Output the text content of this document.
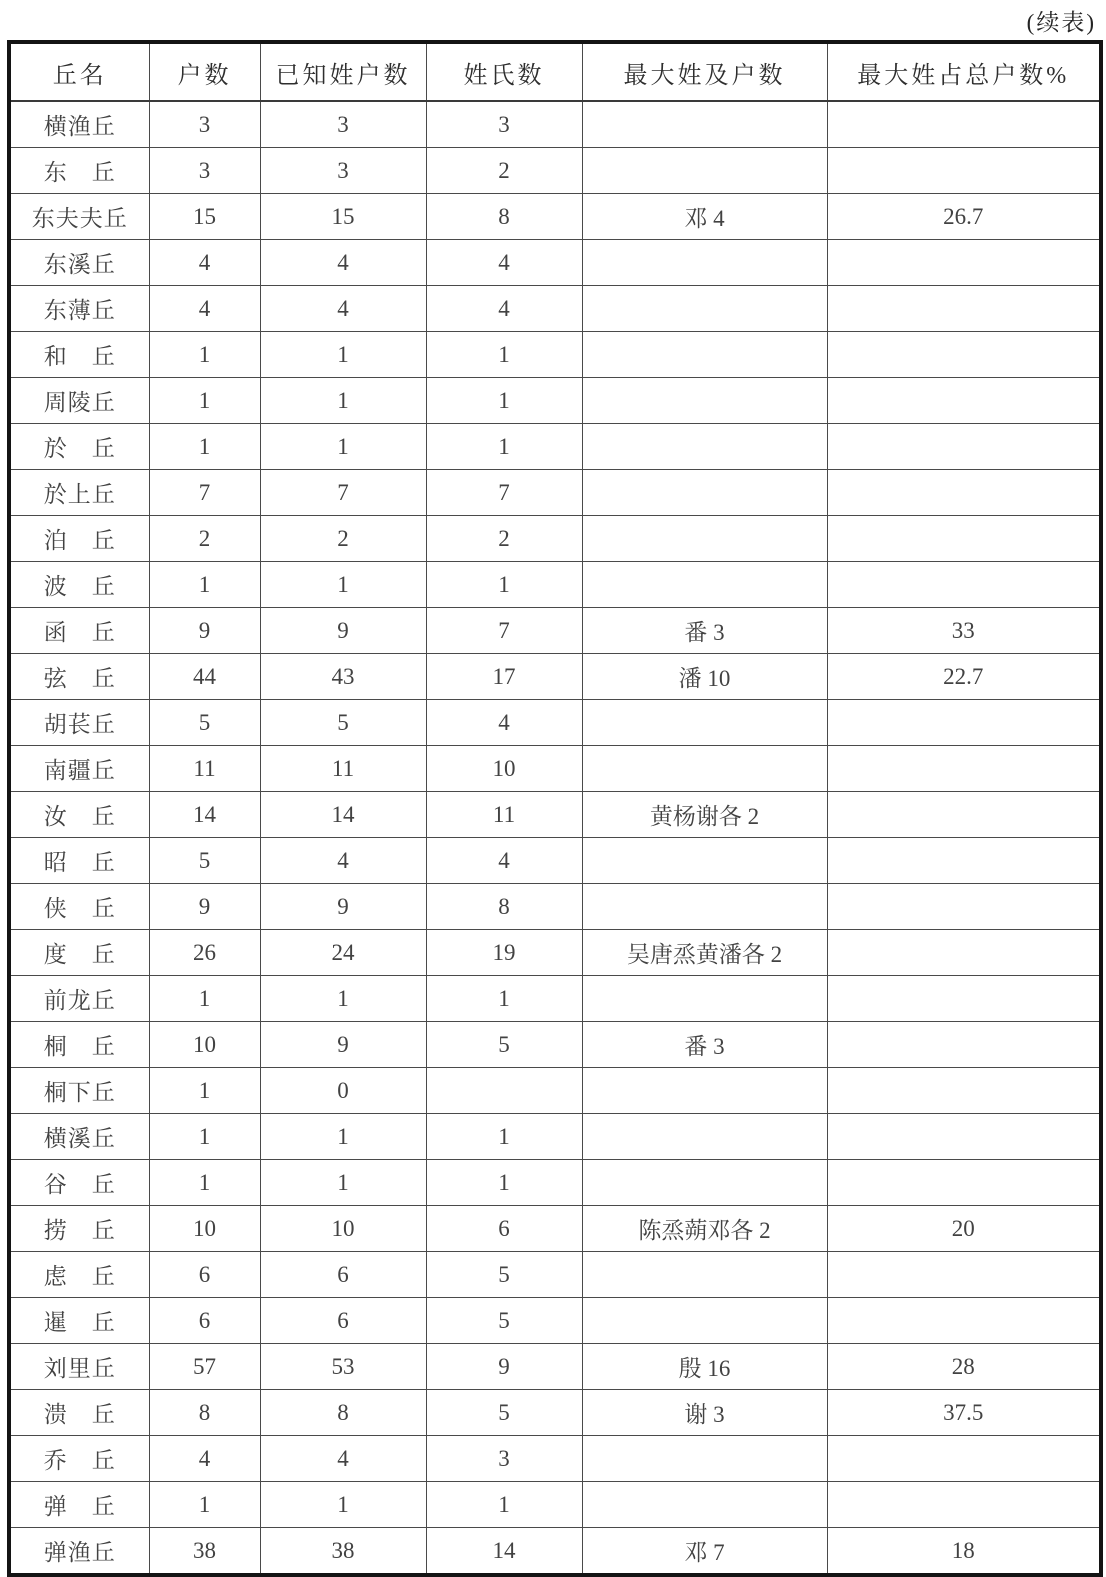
(续表)
丘名	户数	已知姓户数	姓氏数	最大姓及户数	最大姓占总户数%
横渔丘	3	3	3		
东　丘	3	3	2		
东夫夫丘	15	15	8	邓 4	26.7
东溪丘	4	4	4		
东薄丘	4	4	4		
和　丘	1	1	1		
周陵丘	1	1	1		
於　丘	1	1	1		
於上丘	7	7	7		
泊　丘	2	2	2		
波　丘	1	1	1		
函　丘	9	9	7	番 3	33
弦　丘	44	43	17	潘 10	22.7
胡苌丘	5	5	4		
南疆丘	11	11	10		
汝　丘	14	14	11	黄杨谢各 2	
昭　丘	5	4	4		
侠　丘	9	9	8		
度　丘	26	24	19	吴唐烝黄潘各 2	
前龙丘	1	1	1		
桐　丘	10	9	5	番 3	
桐下丘	1	0			
横溪丘	1	1	1		
谷　丘	1	1	1		
捞　丘	10	10	6	陈烝蒴邓各 2	20
虑　丘	6	6	5		
暹　丘	6	6	5		
刘里丘	57	53	9	殷 16	28
溃　丘	8	8	5	谢 3	37.5
乔　丘	4	4	3		
弹　丘	1	1	1		
弹渔丘	38	38	14	邓 7	18
